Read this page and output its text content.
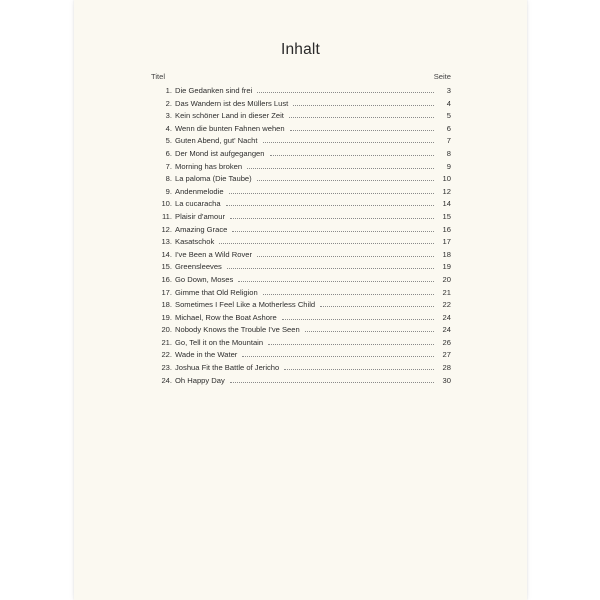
Inhalt
Titel	Seite
1. Die Gedanken sind frei	3
2. Das Wandern ist des Müllers Lust	4
3. Kein schöner Land in dieser Zeit	5
4. Wenn die bunten Fahnen wehen	6
5. Guten Abend, gut' Nacht	7
6. Der Mond ist aufgegangen	8
7. Morning has broken	9
8. La paloma (Die Taube)	10
9. Andenmelodie	12
10. La cucaracha	14
11. Plaisir d'amour	15
12. Amazing Grace	16
13. Kasatschok	17
14. I've Been a Wild Rover	18
15. Greensleeves	19
16. Go Down, Moses	20
17. Gimme that Old Religion	21
18. Sometimes I Feel Like a Motherless Child	22
19. Michael, Row the Boat Ashore	24
20. Nobody Knows the Trouble I've Seen	24
21. Go, Tell it on the Mountain	26
22. Wade in the Water	27
23. Joshua Fit the Battle of Jericho	28
24. Oh Happy Day	30
